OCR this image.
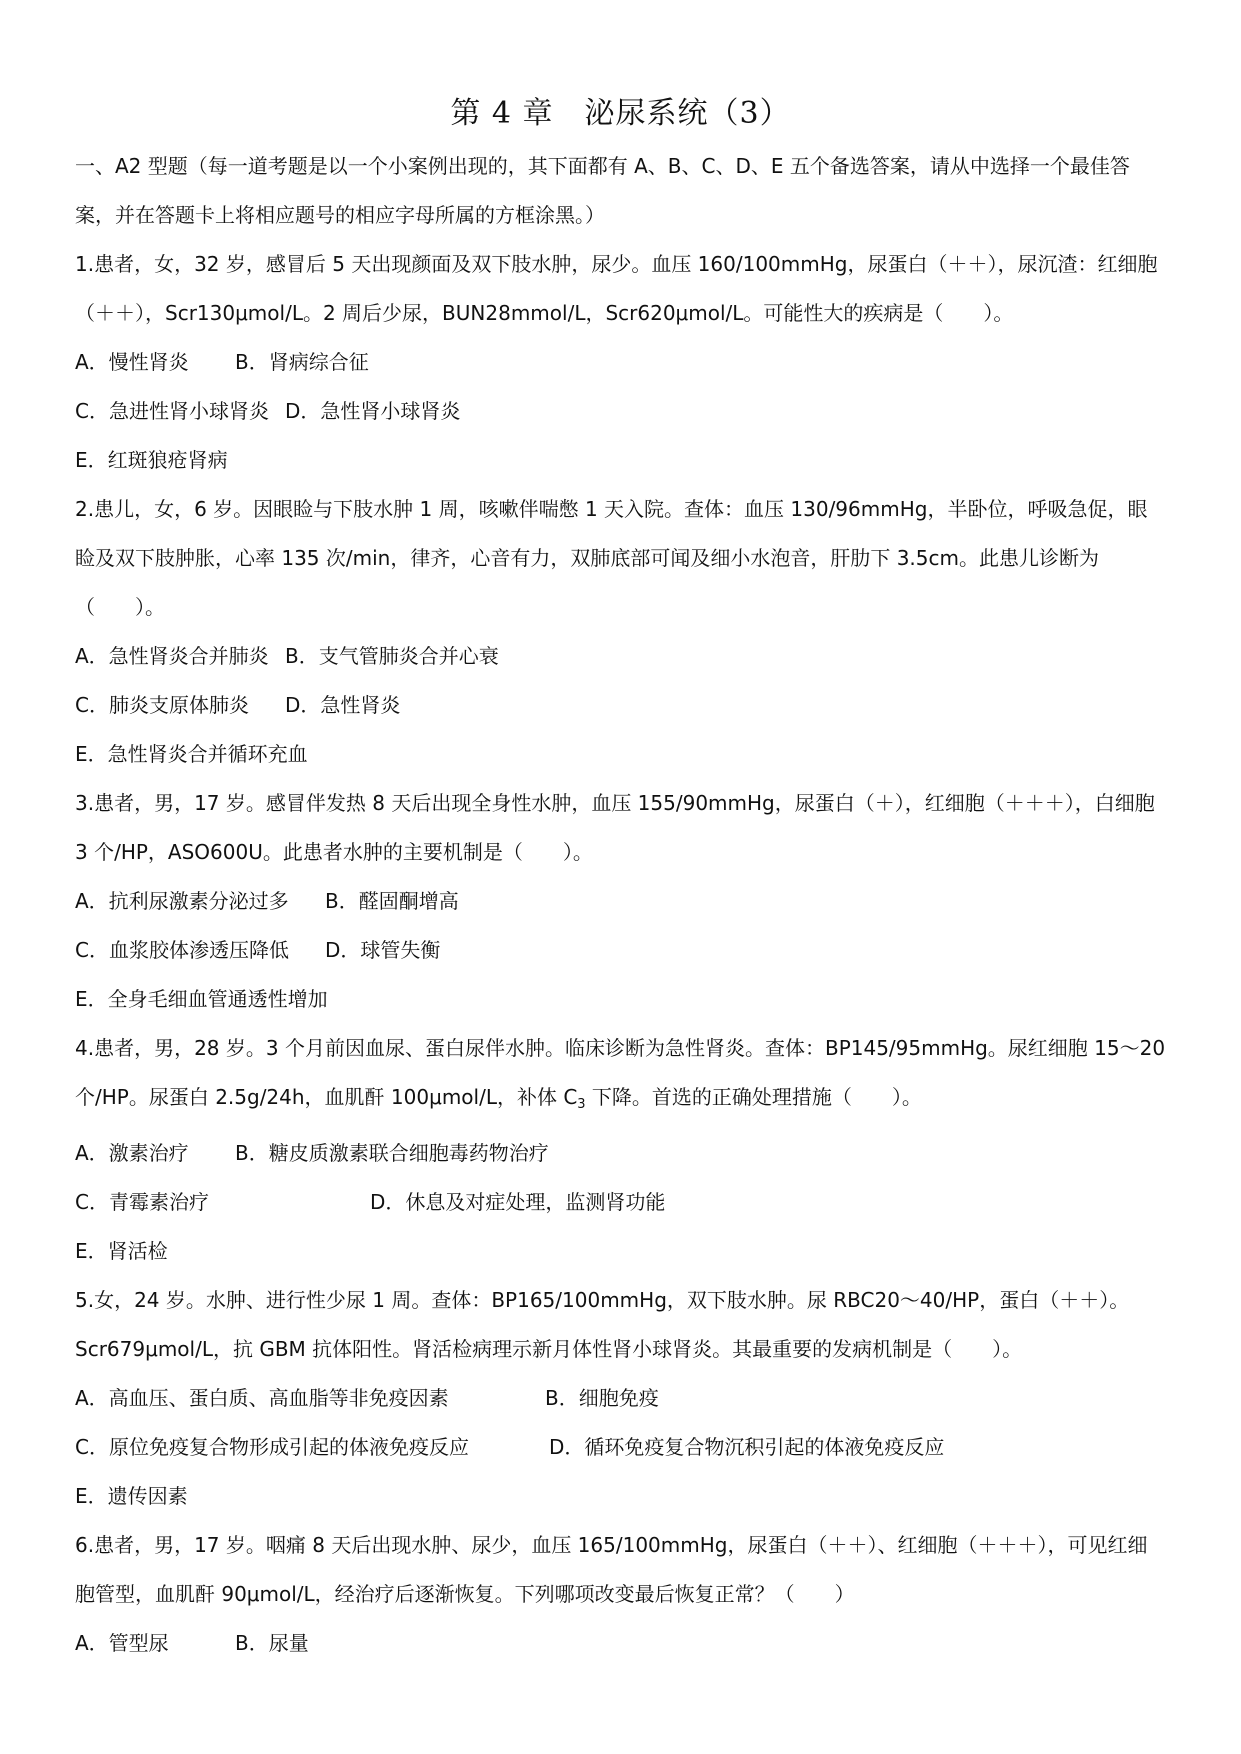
第 4 章　泌尿系统（3）

一、A2 型题（每一道考题是以一个小案例出现的，其下面都有 A、B、C、D、E 五个备选答案，请从中选择一个最佳答案，并在答题卡上将相应题号的相应字母所属的方框涂黑。）

1.患者，女，32 岁，感冒后 5 天出现颜面及双下肢水肿，尿少。血压 160/100mmHg，尿蛋白（＋＋），尿沉渣：红细胞（＋＋），Scr130μmol/L。2 周后少尿，BUN28mmol/L，Scr620μmol/L。可能性大的疾病是（　　）。

A．慢性肾炎 B．肾病综合征

C．急进性肾小球肾炎 D．急性肾小球肾炎

E．红斑狼疮肾病

2.患儿，女，6 岁。因眼睑与下肢水肿 1 周，咳嗽伴喘憋 1 天入院。查体：血压 130/96mmHg，半卧位，呼吸急促，眼睑及双下肢肿胀，心率 135 次/min，律齐，心音有力，双肺底部可闻及细小水泡音，肝肋下 3.5cm。此患儿诊断为（　　）。

A．急性肾炎合并肺炎 B．支气管肺炎合并心衰

C．肺炎支原体肺炎 D．急性肾炎

E．急性肾炎合并循环充血

3.患者，男，17 岁。感冒伴发热 8 天后出现全身性水肿，血压 155/90mmHg，尿蛋白（＋），红细胞（＋＋＋），白细胞 3 个/HP，ASO600U。此患者水肿的主要机制是（　　）。

A．抗利尿激素分泌过多 B．醛固酮增高

C．血浆胶体渗透压降低 D．球管失衡

E．全身毛细血管通透性增加

4.患者，男，28 岁。3 个月前因血尿、蛋白尿伴水肿。临床诊断为急性肾炎。查体：BP145/95mmHg。尿红细胞 15～20 个/HP。尿蛋白 2.5g/24h，血肌酐 100μmol/L，补体 $C_3$ 下降。首选的正确处理措施（　　）。

A．激素治疗 B．糖皮质激素联合细胞毒药物治疗

C．青霉素治疗	D．休息及对症处理，监测肾功能

E．肾活检

5.女，24 岁。水肿、进行性少尿 1 周。查体：BP165/100mmHg，双下肢水肿。尿 RBC20～40/HP，蛋白（＋＋）。Scr679μmol/L，抗 GBM 抗体阳性。肾活检病理示新月体性肾小球肾炎。其最重要的发病机制是（　　）。

A．高血压、蛋白质、高血脂等非免疫因素	B．细胞免疫

C．原位免疫复合物形成引起的体液免疫反应	D．循环免疫复合物沉积引起的体液免疫反应

E．遗传因素

6.患者，男，17 岁。咽痛 8 天后出现水肿、尿少，血压 165/100mmHg，尿蛋白（＋＋）、红细胞（＋＋＋），可见红细胞管型，血肌酐 90μmol/L，经治疗后逐渐恢复。下列哪项改变最后恢复正常？（　　）

A．管型尿	B．尿量
